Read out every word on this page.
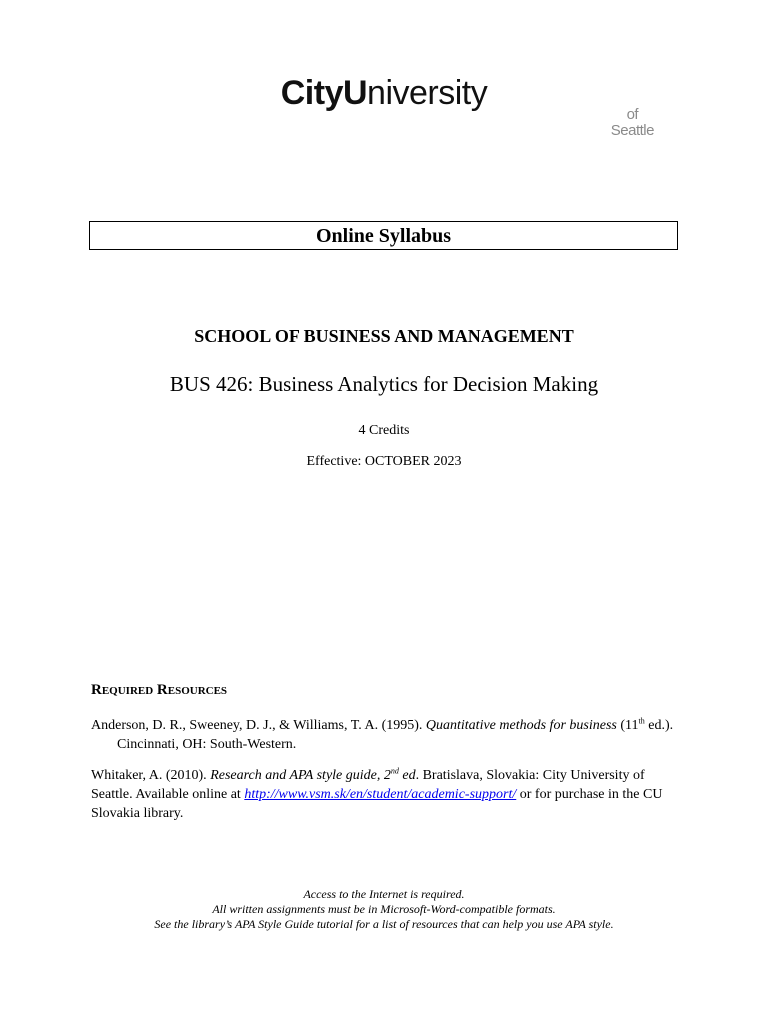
CityUniversity
of Seattle
Online Syllabus
SCHOOL OF BUSINESS AND MANAGEMENT
BUS 426: Business Analytics for Decision Making
4 Credits
Effective: OCTOBER 2023
Required Resources
Anderson, D. R., Sweeney, D. J., & Williams, T. A. (1995). Quantitative methods for business (11th ed.). Cincinnati, OH: South-Western.
Whitaker, A. (2010). Research and APA style guide, 2nd ed. Bratislava, Slovakia: City University of Seattle. Available online at http://www.vsm.sk/en/student/academic-support/ or for purchase in the CU Slovakia library.
Access to the Internet is required.
All written assignments must be in Microsoft-Word-compatible formats.
See the library’s APA Style Guide tutorial for a list of resources that can help you use APA style.
